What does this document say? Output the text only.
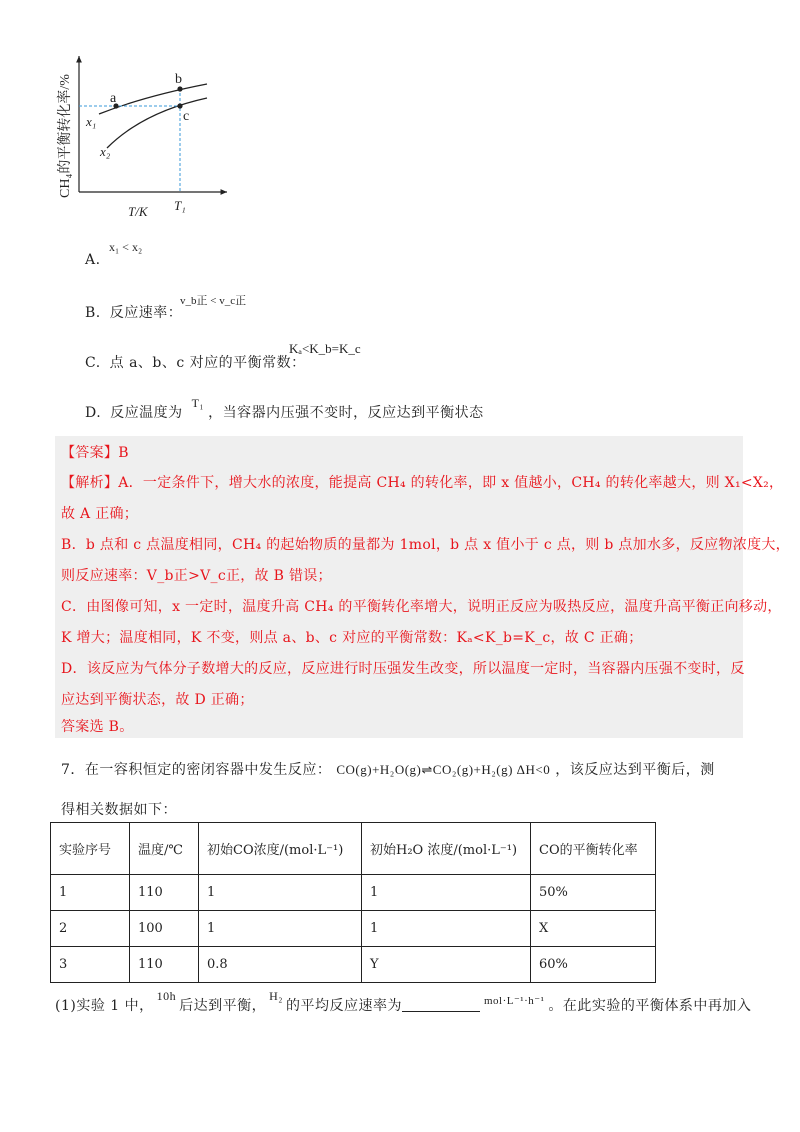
CH₄的平衡转化率/%
T/K T₁
a
b
c
x₁
x₂
A.
x₁ < x₂
B. 反应速率：
v_b正 < v_c正
C. 点 a、b、c 对应的平衡常数：
Kₐ<K_b=K_c
D. 反应温度为 T₁，当容器内压强不变时，反应达到平衡状态
【答案】B
【解析】A．一定条件下，增大水的浓度，能提高 CH₄ 的转化率，即 x 值越小，CH₄ 的转化率越大，则 X₁<X₂，
故 A 正确；
B．b 点和 c 点温度相同，CH₄ 的起始物质的量都为 1mol，b 点 x 值小于 c 点，则 b 点加水多，反应物浓度大，
则反应速率：V_b正>V_c正，故 B 错误；
C．由图像可知，x 一定时，温度升高 CH₄ 的平衡转化率增大，说明正反应为吸热反应，温度升高平衡正向移动，
K 增大；温度相同，K 不变，则点 a、b、c 对应的平衡常数：Kₐ<K_b=K_c，故 C 正确；
D．该反应为气体分子数增大的反应，反应进行时压强发生改变，所以温度一定时，当容器内压强不变时，反
应达到平衡状态，故 D 正确；
答案选 B。
7．在一容积恒定的密闭容器中发生反应： CO(g)+H₂O(g)⇌CO₂(g)+H₂(g) ΔH<0 ，该反应达到平衡后，测
得相关数据如下：
实验序号	温度/℃	初始CO浓度/(mol·L⁻¹)	初始H₂O 浓度/(mol·L⁻¹)	CO的平衡转化率
1	110	1	1	50%
2	100	1	1	X
3	110	0.8	Y	60%
(1)实验 1 中，10h后达到平衡，H₂的平均反应速率为	$^{mol\cdot L^{-1}\cdot h^{-1}}$ 。在此实验的平衡体系中再加入
